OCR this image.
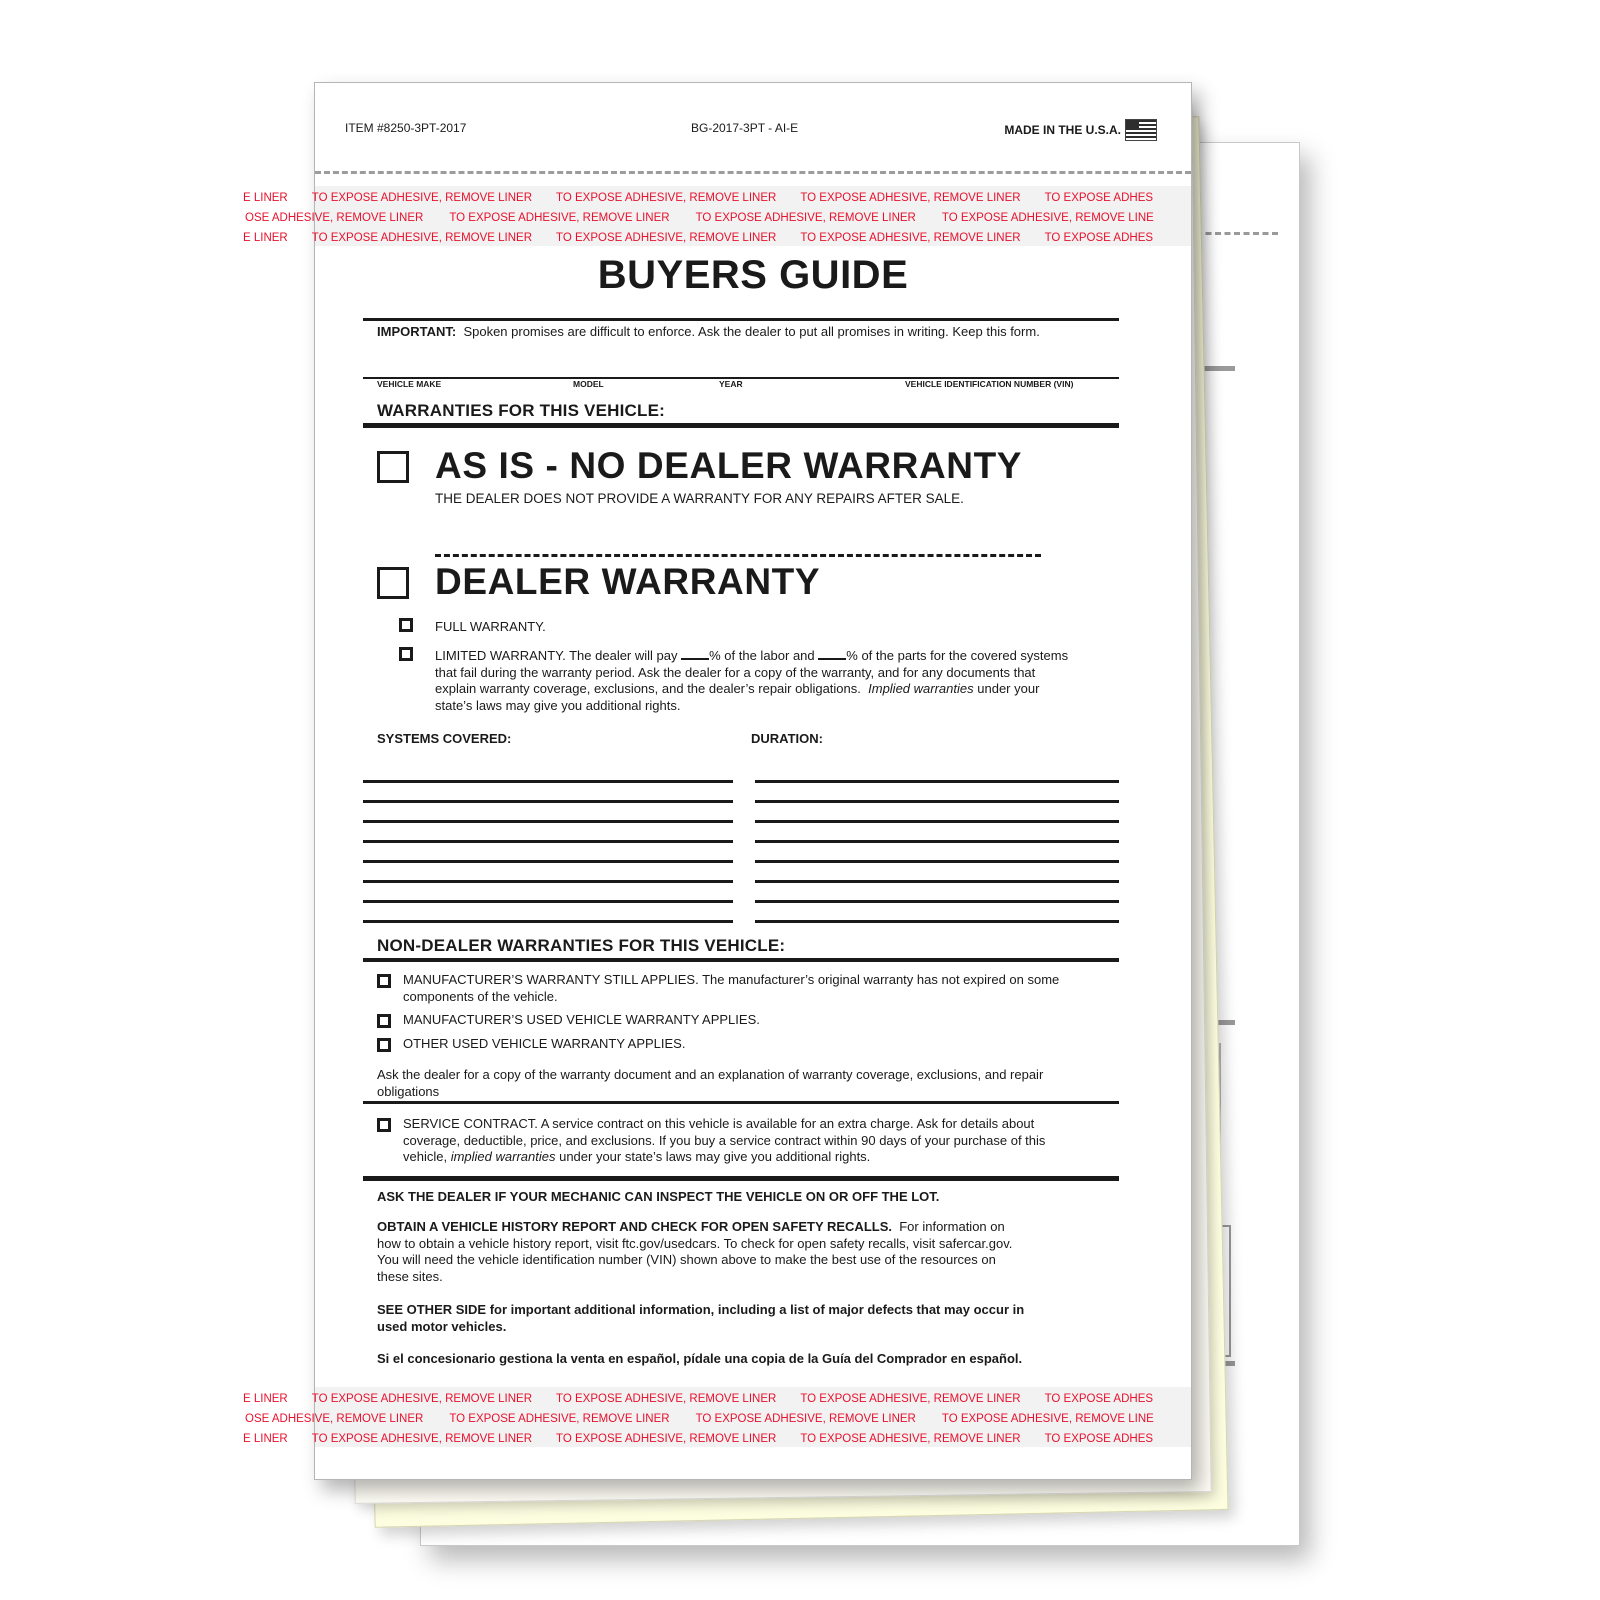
ITEM #8250-3PT-2017	BG-2017-3PT - AI-E	MADE IN THE U.S.A.
E LINER TO EXPOSE ADHESIVE, REMOVE LINER TO EXPOSE ADHESIVE, REMOVE LINER TO EXPOSE ADHESIVE, REMOVE LINER TO EXPOSE ADHES
OSE ADHESIVE, REMOVE LINER TO EXPOSE ADHESIVE, REMOVE LINER TO EXPOSE ADHESIVE, REMOVE LINER TO EXPOSE ADHESIVE, REMOVE LINE
E LINER TO EXPOSE ADHESIVE, REMOVE LINER TO EXPOSE ADHESIVE, REMOVE LINER TO EXPOSE ADHESIVE, REMOVE LINER TO EXPOSE ADHES
BUYERS GUIDE
IMPORTANT: Spoken promises are difficult to enforce. Ask the dealer to put all promises in writing. Keep this form.
VEHICLE MAKE	MODEL	YEAR	VEHICLE IDENTIFICATION NUMBER (VIN)
WARRANTIES FOR THIS VEHICLE:
AS IS - NO DEALER WARRANTY
THE DEALER DOES NOT PROVIDE A WARRANTY FOR ANY REPAIRS AFTER SALE.
DEALER WARRANTY
FULL WARRANTY.
LIMITED WARRANTY. The dealer will pay % of the labor and % of the parts for the covered systems
that fail during the warranty period. Ask the dealer for a copy of the warranty, and for any documents that
explain warranty coverage, exclusions, and the dealer’s repair obligations. Implied warranties under your
state’s laws may give you additional rights.
SYSTEMS COVERED:	DURATION:
NON-DEALER WARRANTIES FOR THIS VEHICLE:
MANUFACTURER’S WARRANTY STILL APPLIES. The manufacturer’s original warranty has not expired on some
components of the vehicle.
MANUFACTURER’S USED VEHICLE WARRANTY APPLIES.
OTHER USED VEHICLE WARRANTY APPLIES.
Ask the dealer for a copy of the warranty document and an explanation of warranty coverage, exclusions, and repair
obligations
SERVICE CONTRACT. A service contract on this vehicle is available for an extra charge. Ask for details about
coverage, deductible, price, and exclusions. If you buy a service contract within 90 days of your purchase of this
vehicle, implied warranties under your state’s laws may give you additional rights.
ASK THE DEALER IF YOUR MECHANIC CAN INSPECT THE VEHICLE ON OR OFF THE LOT.
OBTAIN A VEHICLE HISTORY REPORT AND CHECK FOR OPEN SAFETY RECALLS. For information on
how to obtain a vehicle history report, visit ftc.gov/usedcars. To check for open safety recalls, visit safercar.gov.
You will need the vehicle identification number (VIN) shown above to make the best use of the resources on
these sites.
SEE OTHER SIDE for important additional information, including a list of major defects that may occur in
used motor vehicles.
Si el concesionario gestiona la venta en español, pídale una copia de la Guía del Comprador en español.
E LINER TO EXPOSE ADHESIVE, REMOVE LINER TO EXPOSE ADHESIVE, REMOVE LINER TO EXPOSE ADHESIVE, REMOVE LINER TO EXPOSE ADHES
OSE ADHESIVE, REMOVE LINER TO EXPOSE ADHESIVE, REMOVE LINER TO EXPOSE ADHESIVE, REMOVE LINER TO EXPOSE ADHESIVE, REMOVE LINE
E LINER TO EXPOSE ADHESIVE, REMOVE LINER TO EXPOSE ADHESIVE, REMOVE LINER TO EXPOSE ADHESIVE, REMOVE LINER TO EXPOSE ADHES
